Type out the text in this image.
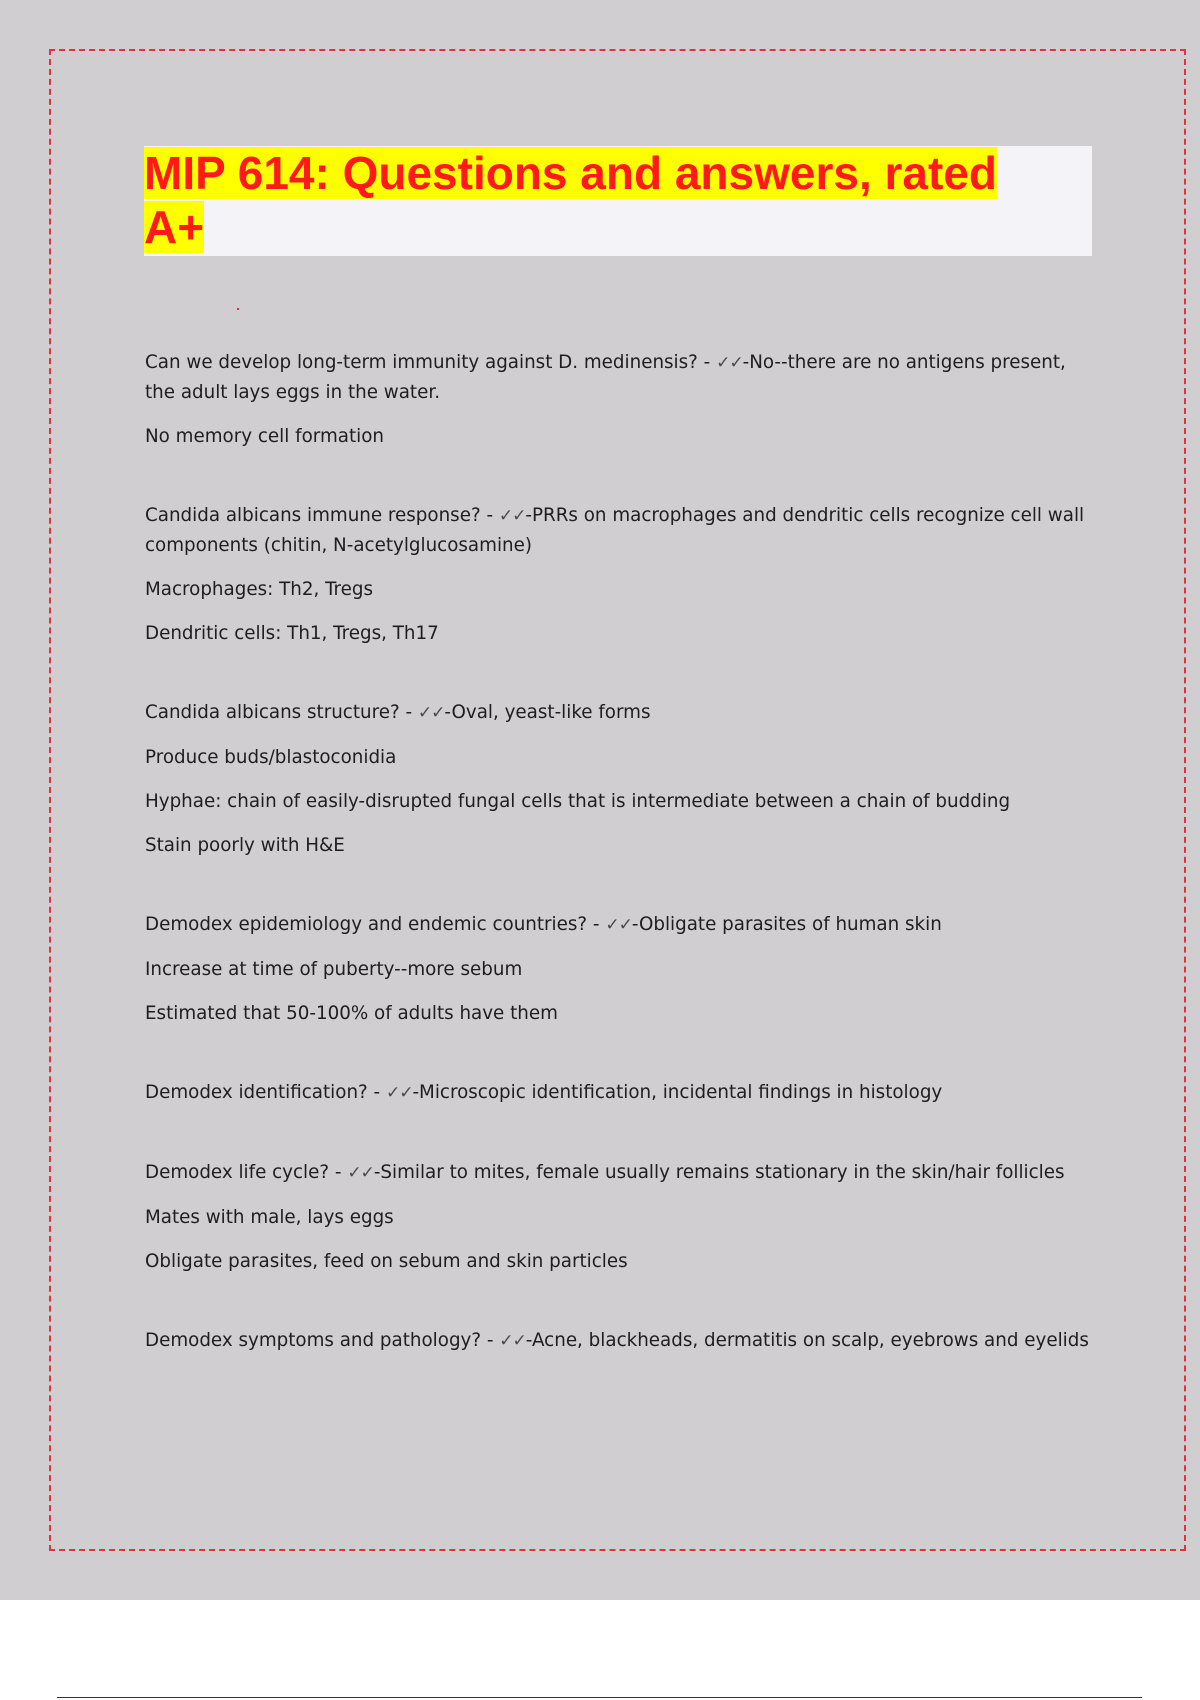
MIP 614: Questions and answers, rated A+
Can we develop long-term immunity against D. medinensis? - ✓✓-No--there are no antigens present, the adult lays eggs in the water.
No memory cell formation
Candida albicans immune response? - ✓✓-PRRs on macrophages and dendritic cells recognize cell wall components (chitin, N-acetylglucosamine)
Macrophages: Th2, Tregs
Dendritic cells: Th1, Tregs, Th17
Candida albicans structure? - ✓✓-Oval, yeast-like forms
Produce buds/blastoconidia
Hyphae: chain of easily-disrupted fungal cells that is intermediate between a chain of budding
Stain poorly with H&E
Demodex epidemiology and endemic countries? - ✓✓-Obligate parasites of human skin
Increase at time of puberty--more sebum
Estimated that 50-100% of adults have them
Demodex identification? - ✓✓-Microscopic identification, incidental findings in histology
Demodex life cycle? - ✓✓-Similar to mites, female usually remains stationary in the skin/hair follicles
Mates with male, lays eggs
Obligate parasites, feed on sebum and skin particles
Demodex symptoms and pathology? - ✓✓-Acne, blackheads, dermatitis on scalp, eyebrows and eyelids
